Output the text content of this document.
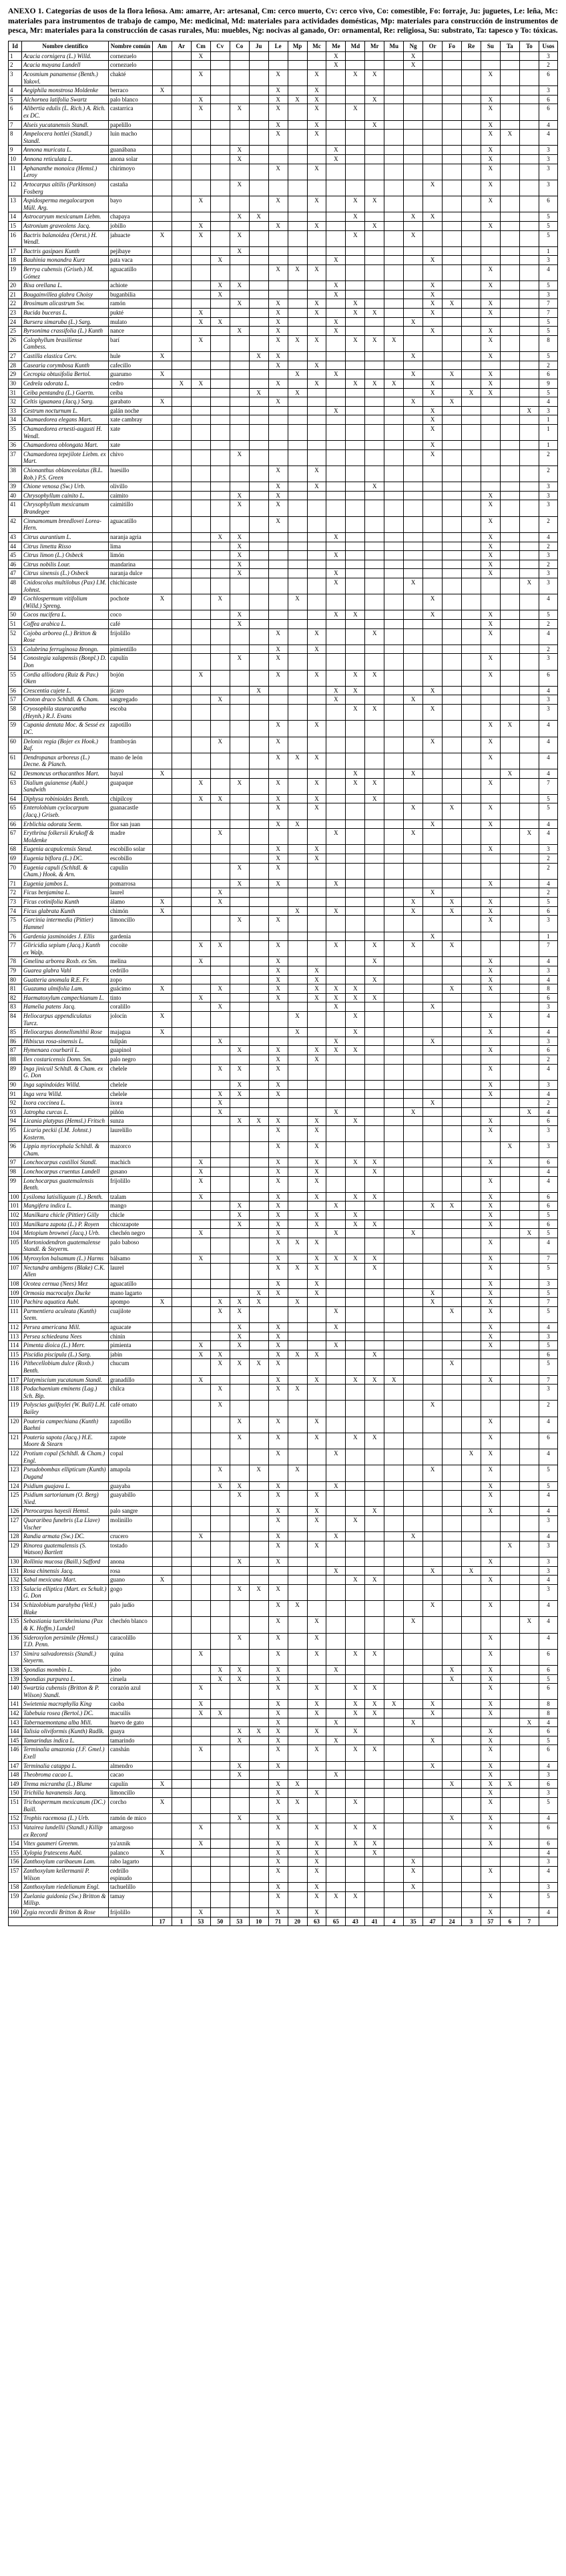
ANEXO 1. Categorías de usos de la flora leñosa. Am: amarre, Ar: artesanal, Cm: cerco muerto, Cv: cerco vivo, Co: comestible, Fo: forraje, Ju: juguetes, Le: leña, Mc: materiales para instrumentos de trabajo de campo, Me: medicinal, Md: materiales para actividades domésticas, Mp: materiales para construcción de instrumentos de pesca, Mr: materiales para la construcción de casas rurales, Mu: muebles, Ng: nocivas al ganado, Or: ornamental, Re: religiosa, Su: substrato, Ta: tapesco y To: tóxicas.

Id	Nombre científico	Nombre común	Am	Ar	Cm	Cv	Co	Ju	Le	Mp	Mc	Me	Md	Mr	Mu	Ng	Or	Fo	Re	Su	Ta	To	Usos
1	Acacia cornigera (L.) Willd.	cornezuelo			X							X				X							3
2	Acacia mayana Lundell	cornezuelo										X				X							2
3	Acosmium panamense (Benth.) Yakovl.	chakté			X				X		X		X	X						X			6
4	Aegiphila monstrosa Moldenke	berraco	X						X		X												3
5	Alchornea latifolia Swartz	palo blanco			X				X	X	X			X						X			6
6	Alibertia edulis (L. Rich.) A. Rich. ex DC.	castarrica			X		X		X		X		X							X			6
7	Alseis yucatanensis Standl.	papelillo							X		X			X						X			4
8	Ampelocera hottlei (Standl.) Standl.	luin macho							X		X									X	X		4
9	Annona muricata L.	guanábana					X					X								X			3
10	Annona reticulata L.	anona solar					X					X								X			3
11	Aphananthe monoica (Hemsl.) Leroy	chirimoyo							X		X									X			3
12	Artocarpus altilis (Parkinson) Fosberg	castaña					X										X			X			3
13	Aspidosperma megalocarpon Müll. Arg.	bayo			X				X		X		X	X						X			6
14	Astrocaryum mexicanum Liebm.	chapaya					X	X					X			X	X						5
15	Astronium graveolens Jacq.	jobillo			X				X		X			X						X			5
16	Bactris balanoidea (Oerst.) H. Wendl.	jahuacte	X		X		X						X			X							5
17	Bactris gasipaes Kunth	pejibaye					X																1
18	Bauhinia monandra Kurz	pata vaca				X						X					X						3
19	Berrya cubensis (Griseb.) M. Gómez	aguacatillo							X	X	X									X			4
20	Bixa orellana L.	achiote				X	X					X					X			X			5
21	Bougainvillea glabra Choisy	buganbilia				X						X					X						3
22	Brosimum alicastrum Sw.	ramón					X		X		X		X				X	X		X			7
23	Bucida buceras L.	pukté			X				X		X		X	X			X			X			7
24	Bursera simaruba (L.) Sarg.	mulato			X	X			X			X				X							5
25	Byrsonima crassifolia (L.) Kunth	nance					X		X			X					X			X			5
26	Calophyllum brasiliense Cambess.	barí			X				X	X	X		X	X	X					X			8
27	Castilla elastica Cerv.	hule	X					X	X							X				X			5
28	Casearia corymbosa Kunth	cafecillo							X		X												2
29	Cecropia obtusifolia Bertol.	guarumo	X							X		X				X		X		X			6
30	Cedrela odorata L.	cedro		X	X				X		X		X	X	X		X			X			9
31	Ceiba pentandra (L.) Gaertn.	ceiba						X		X							X		X	X			5
32	Celtis iguanaea (Jacq.) Sarg.	garabato	X						X							X		X					4
33	Cestrum nocturnum L.	galán noche										X					X					X	3
34	Chamaedorea elegans Mart.	xate cambray															X						1
35	Chamaedorea ernesti-augusti H. Wendl.	xate															X						1
36	Chamaedorea oblongata Mart.	xate															X						1
37	Chamaedorea tepejilote Liebm. ex Mart.	chivo					X										X						2
38	Chionanthus oblanceolatus (B.L. Rob.) P.S. Green	huesillo							X		X												2
39	Chione venosa (Sw.) Urb.	olivillo							X		X			X									3
40	Chrysophyllum cainito L.	caimito					X		X											X			3
41	Chrysophyllum mexicanum Brandegee	caimitillo					X		X											X			3
42	Cinnamomum breedlovei Lorea-Hern.	aguacatillo							X											X			2
43	Citrus aurantium L.	naranja agria				X	X					X								X			4
44	Citrus limetta Risso	lima					X													X			2
45	Citrus limon (L.) Osbeck	limón					X					X								X			3
46	Citrus nobilis Lour.	mandarina					X													X			2
47	Citrus sinensis (L.) Osbeck	naranja dulce					X					X								X			3
48	Cnidoscolus multilobus (Pax) I.M. Johnst.	chichicaste										X				X						X	3
49	Cochlospermum vitifolium (Willd.) Spreng.	pochote	X			X				X							X						4
50	Cocos nucifera L.	coco					X					X	X				X			X			5
51	Coffea arabica L.	café					X													X			2
52	Cojoba arborea (L.) Britton & Rose	frijolillo							X		X			X						X			4
53	Colubrina ferruginosa Brongn.	pimientillo							X		X												2
54	Conostegia xalapensis (Bonpl.) D. Don	capulín					X		X											X			3
55	Cordia alliodora (Ruiz & Pav.) Oken	bojón			X				X		X		X	X						X			6
56	Crescentia cujete L.	jícaro						X				X	X				X						4
57	Croton draco Schltdl. & Cham.	sangregado				X						X				X							3
58	Cryosophila stauracantha (Heynh.) R.J. Evans	escoba											X	X			X						3
59	Cupania dentata Moc. & Sessé ex DC.	zapotillo							X		X									X	X		4
60	Delonix regia (Bojer ex Hook.) Raf.	framboyán				X			X								X			X			4
61	Dendropanax arboreus (L.) Decne. & Planch.	mano de león							X	X	X									X			4
62	Desmoncus orthacanthos Mart.	bayal	X										X			X					X		4
63	Dialium guianense (Aubl.) Sandwith	guapaque			X		X		X		X		X	X						X			7
64	Diphysa robinioides Benth.	chipilcoy			X	X			X		X			X									5
65	Enterolobium cyclocarpum (Jacq.) Griseb.	guanacastle							X		X					X		X		X			5
66	Erblichia odorata Seem.	flor san juan							X	X							X			X			4
67	Erythrina folkersii Krukoff & Moldenke	madre				X						X				X						X	4
68	Eugenia acapulcensis Steud.	escobillo solar							X		X									X			3
69	Eugenia biflora (L.) DC.	escobillo							X		X												2
70	Eugenia capuli (Schltdl. & Cham.) Hook. & Arn.	capulín					X		X														2
71	Eugenia jambos L.	pomarrosa					X		X			X								X			4
72	Ficus benjamina L.	laurel				X											X						2
73	Ficus cotinifolia Kunth	álamo	X			X										X		X		X			5
74	Ficus glabrata Kunth	chimón	X							X		X				X		X		X			6
75	Garcinia intermedia (Pittier) Hammel	limoncillo					X		X											X			3
76	Gardenia jasminoides J. Ellis	gardenia															X						1
77	Gliricidia sepium (Jacq.) Kunth ex Walp.	cocoite			X	X			X			X		X		X		X					7
78	Gmelina arborea Roxb. ex Sm.	melina			X				X					X						X			4
79	Guarea glabra Vahl	cedrillo							X		X									X			3
80	Guatteria anomala R.E. Fr.	zopo							X		X			X						X			4
81	Guazuma ulmifolia Lam.	guácimo	X			X			X		X	X	X					X		X			8
82	Haematoxylum campechianum L.	tinto			X				X		X	X	X	X									6
83	Hamelia patens Jacq.	coralillo				X						X					X						3
84	Heliocarpus appendiculatus Turcz.	jolocín	X							X			X							X			4
85	Heliocarpus donnellsmithii Rose	majagua	X							X			X							X			4
86	Hibiscus rosa-sinensis L.	tulipán				X						X					X						3
87	Hymenaea courbaril L.	guapinol					X		X		X	X	X							X			6
88	Ilex costaricensis Donn. Sm.	palo negro							X		X												2
89	Inga jinicuil Schltdl. & Cham. ex G. Don	chelele				X	X		X											X			4
90	Inga sapindoides Willd.	chelele					X		X											X			3
91	Inga vera Willd.	chelele				X	X		X											X			4
92	Ixora coccinea L.	ixora				X											X						2
93	Jatropha curcas L.	piñón				X						X				X						X	4
94	Licania platypus (Hemsl.) Fritsch	sunza					X	X	X		X		X							X			6
95	Licaria peckii (I.M. Johnst.) Kosterm.	laurelillo							X		X									X			3
96	Lippia myriocephala Schltdl. & Cham.	mazorco							X		X										X		3
97	Lonchocarpus castilloi Standl.	machich			X				X		X		X	X						X			6
98	Lonchocarpus cruentus Lundell	gusano			X				X		X			X									4
99	Lonchocarpus guatemalensis Benth.	frijolillo			X				X		X									X			4
100	Lysiloma latisiliquum (L.) Benth.	tzalam			X				X		X		X	X						X			6
101	Mangifera indica L.	mango					X		X			X					X	X		X			6
102	Manilkara chicle (Pittier) Gilly	chicle					X		X		X		X							X			5
103	Manilkara zapota (L.) P. Royen	chicozapote					X		X		X		X	X						X			6
104	Metopium brownei (Jacq.) Urb.	chechén negro			X				X			X				X						X	5
105	Mortoniodendron guatemalense Standl. & Steyerm.	palo baboso							X	X	X									X			4
106	Myroxylon balsamum (L.) Harms	bálsamo			X				X		X	X	X	X						X			7
107	Nectandra ambigens (Blake) C.K. Allen	laurel							X	X	X			X						X			5
108	Ocotea cernua (Nees) Mez	aguacatillo							X		X									X			3
109	Ormosia macrocalyx Ducke	mano lagarto						X	X		X						X			X			5
110	Pachira aquatica Aubl.	apompo	X			X	X	X		X							X			X			7
111	Parmentiera aculeata (Kunth) Seem.	cuajilote				X	X					X						X		X			5
112	Persea americana Mill.	aguacate					X		X			X								X			4
113	Persea schiedeana Nees	chinín					X		X											X			3
114	Pimenta dioica (L.) Merr.	pimienta			X		X		X			X								X			5
115	Piscidia piscipula (L.) Sarg.	jabín			X	X			X	X	X			X									6
116	Pithecellobium dulce (Roxb.) Benth.	chucum				X	X	X	X									X					5
117	Platymiscium yucatanum Standl.	granadillo			X				X		X		X	X	X					X			7
118	Podachaenium eminens (Lag.) Sch. Bip.	chilca				X			X	X													3
119	Polyscias guilfoylei (W. Bull) L.H. Bailey	café ornato				X											X						2
120	Pouteria campechiana (Kunth) Baehni	zapotillo					X		X		X									X			4
121	Pouteria sapota (Jacq.) H.E. Moore & Stearn	zapote					X		X		X		X	X						X			6
122	Protium copal (Schltdl. & Cham.) Engl.	copal							X			X							X	X			4
123	Pseudobombax ellipticum (Kunth) Dugand	amapola				X		X		X							X			X			5
124	Psidium guajava L.	guayaba				X	X		X			X								X			5
125	Psidium sartorianum (O. Berg) Nied.	guayabillo					X		X		X									X			4
126	Pterocarpus hayesii Hemsl.	palo sangre							X		X			X						X			4
127	Quararibea funebris (La Llave) Vischer	molinillo							X		X		X										3
128	Randia armata (Sw.) DC.	crucero			X				X			X				X							4
129	Rinorea guatemalensis (S. Watson) Bartlett	tostado							X		X										X		3
130	Rollinia mucosa (Baill.) Safford	anona					X		X											X			3
131	Rosa chinensis Jacq.	rosa										X					X		X				3
132	Sabal mexicana Mart.	guano	X										X	X						X			4
133	Salacia elliptica (Mart. ex Schult.) G. Don	gogo					X	X	X														3
134	Schizolobium parahyba (Vell.) Blake	palo judío							X	X							X			X			4
135	Sebastiania tuerckheimiana (Pax & K. Hoffm.) Lundell	chechén blanco							X		X					X						X	4
136	Sideroxylon persimile (Hemsl.) T.D. Penn.	caracolillo					X		X		X									X			4
137	Simira salvadorensis (Standl.) Steyerm.	quina			X				X		X		X	X						X			6
138	Spondias mombin L.	jobo				X	X		X			X						X		X			6
139	Spondias purpurea L.	ciruela				X	X		X									X		X			5
140	Swartzia cubensis (Britton & P. Wilson) Standl.	corazón azul			X				X		X		X	X						X			6
141	Swietenia macrophylla King	caoba			X				X		X		X	X	X		X			X			8
142	Tabebuia rosea (Bertol.) DC.	macuilís			X	X			X		X		X	X			X			X			8
143	Tabernaemontana alba Mill.	huevo de gato							X			X				X						X	4
144	Talisia oliviformis (Kunth) Radlk.	guaya					X	X	X		X		X							X			6
145	Tamarindus indica L.	tamarindo					X		X			X					X			X			5
146	Terminalia amazonia (J.F. Gmel.) Exell	canshán			X				X		X		X	X						X			6
147	Terminalia catappa L.	almendro					X		X								X			X			4
148	Theobroma cacao L.	cacao					X					X								X			3
149	Trema micrantha (L.) Blume	capulín	X						X	X								X		X	X		6
150	Trichilia havanensis Jacq.	limoncillo							X		X									X			3
151	Trichospermum mexicanum (DC.) Baill.	corcho	X						X	X			X							X			5
152	Trophis racemosa (L.) Urb.	ramón de mico					X		X									X		X			4
153	Vatairea lundellii (Standl.) Killip ex Record	amargoso			X				X		X		X	X						X			6
154	Vitex gaumeri Greenm.	ya'axnik			X				X		X		X	X						X			6
155	Xylopia frutescens Aubl.	palanco	X						X		X			X									4
156	Zanthoxylum caribaeum Lam.	rabo lagarto							X		X					X							3
157	Zanthoxylum kellermanii P. Wilson	cedrillo espinudo							X		X					X				X			4
158	Zanthoxylum riedelianum Engl.	tachuelillo							X		X					X							3
159	Zuelania guidonia (Sw.) Britton & Millsp.	tamay							X		X	X	X							X			5
160	Zygia recordii Britton & Rose	frijolillo			X				X		X									X			4
			17	1	53	50	53	10	71	20	63	65	43	41	4	35	47	24	3	57	6	7	
